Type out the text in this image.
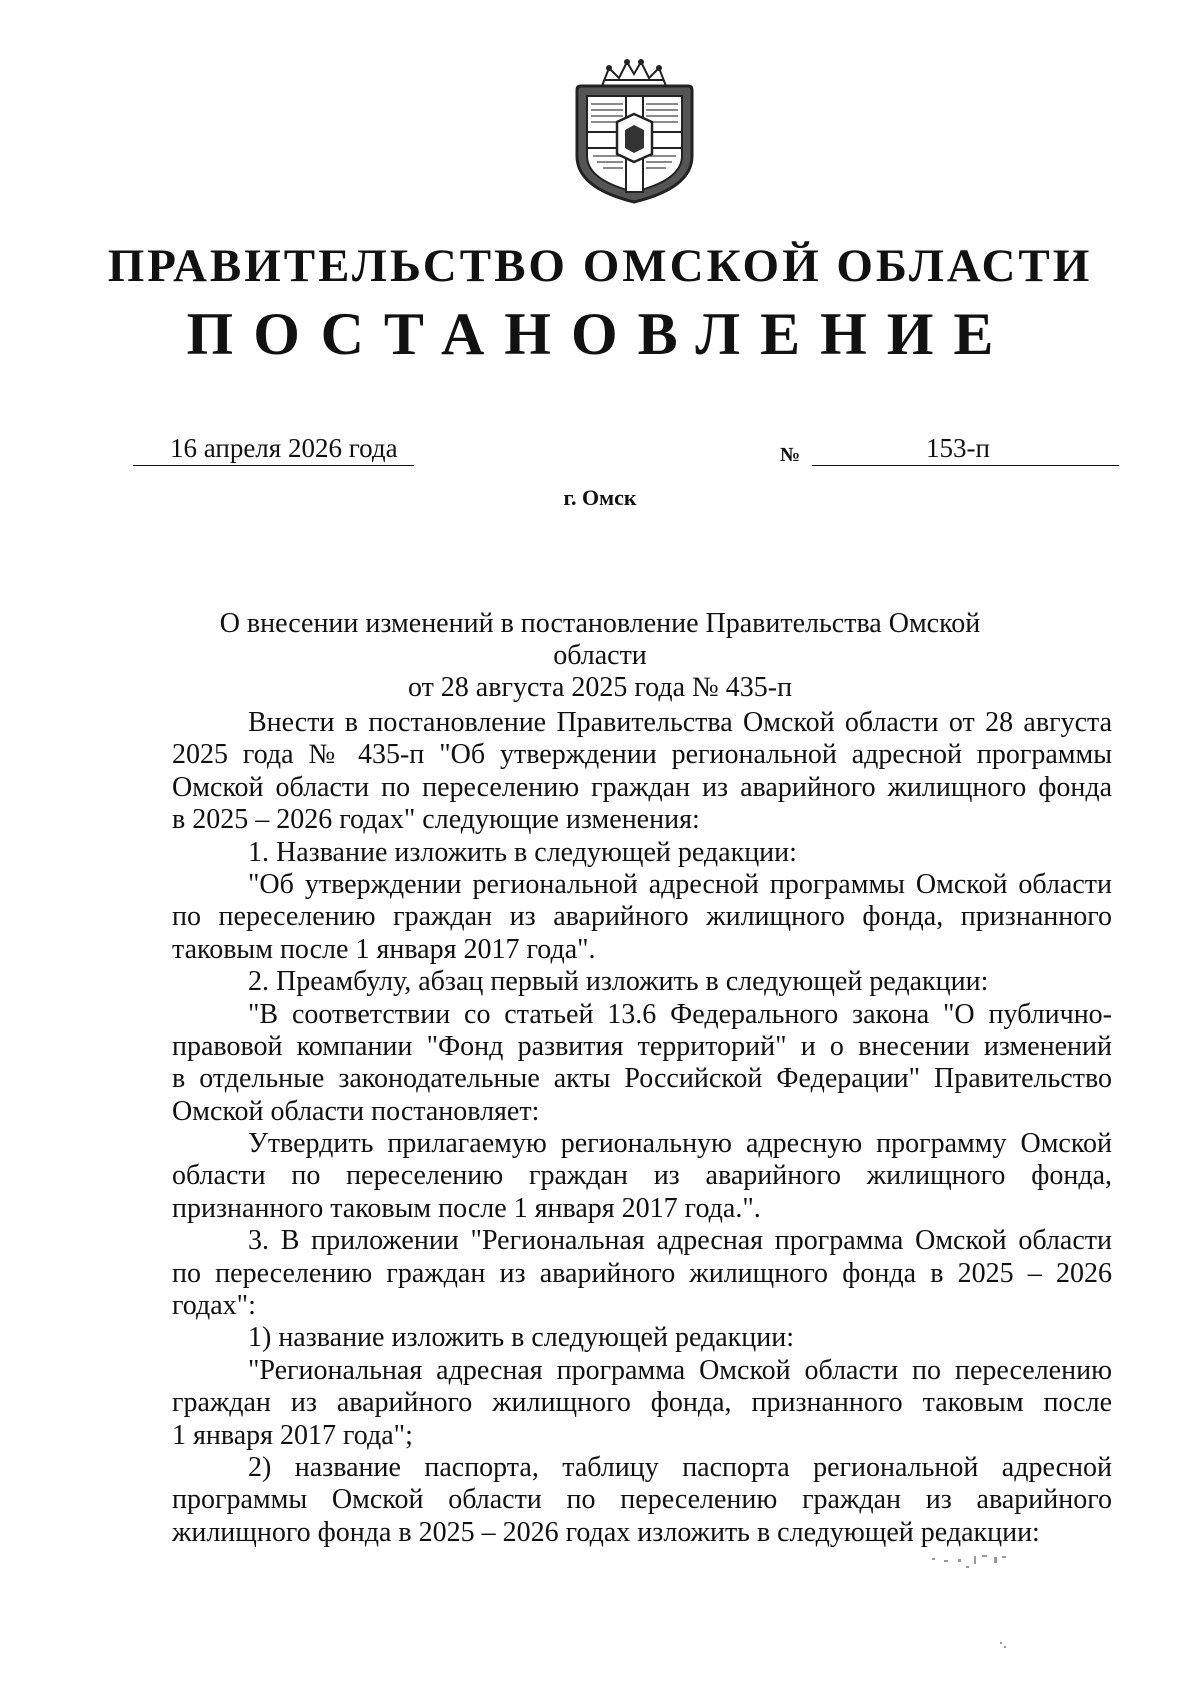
ПРАВИТЕЛЬСТВО ОМСКОЙ ОБЛАСТИ
ПОСТАНОВЛЕНИЕ
16 апреля 2026 года	№	153-п
г. Омск
О внесении изменений в постановление Правительства Омской области
от 28 августа 2025 года № 435-п
Внести в постановление Правительства Омской области от 28 августа
2025 года № 435-п "Об утверждении региональной адресной программы
Омской области по переселению граждан из аварийного жилищного фонда
в 2025 – 2026 годах" следующие изменения:
1. Название изложить в следующей редакции:
"Об утверждении региональной адресной программы Омской области
по переселению граждан из аварийного жилищного фонда, признанного
таковым после 1 января 2017 года".
2. Преамбулу, абзац первый изложить в следующей редакции:
"В соответствии со статьей 13.6 Федерального закона "О публично-
правовой компании "Фонд развития территорий" и о внесении изменений
в отдельные законодательные акты Российской Федерации" Правительство
Омской области постановляет:
Утвердить прилагаемую региональную адресную программу Омской
области по переселению граждан из аварийного жилищного фонда,
признанного таковым после 1 января 2017 года.".
3. В приложении "Региональная адресная программа Омской области
по переселению граждан из аварийного жилищного фонда в 2025 – 2026
годах":
1) название изложить в следующей редакции:
"Региональная адресная программа Омской области по переселению
граждан из аварийного жилищного фонда, признанного таковым после
1 января 2017 года";
2) название паспорта, таблицу паспорта региональной адресной
программы Омской области по переселению граждан из аварийного
жилищного фонда в 2025 – 2026 годах изложить в следующей редакции:
